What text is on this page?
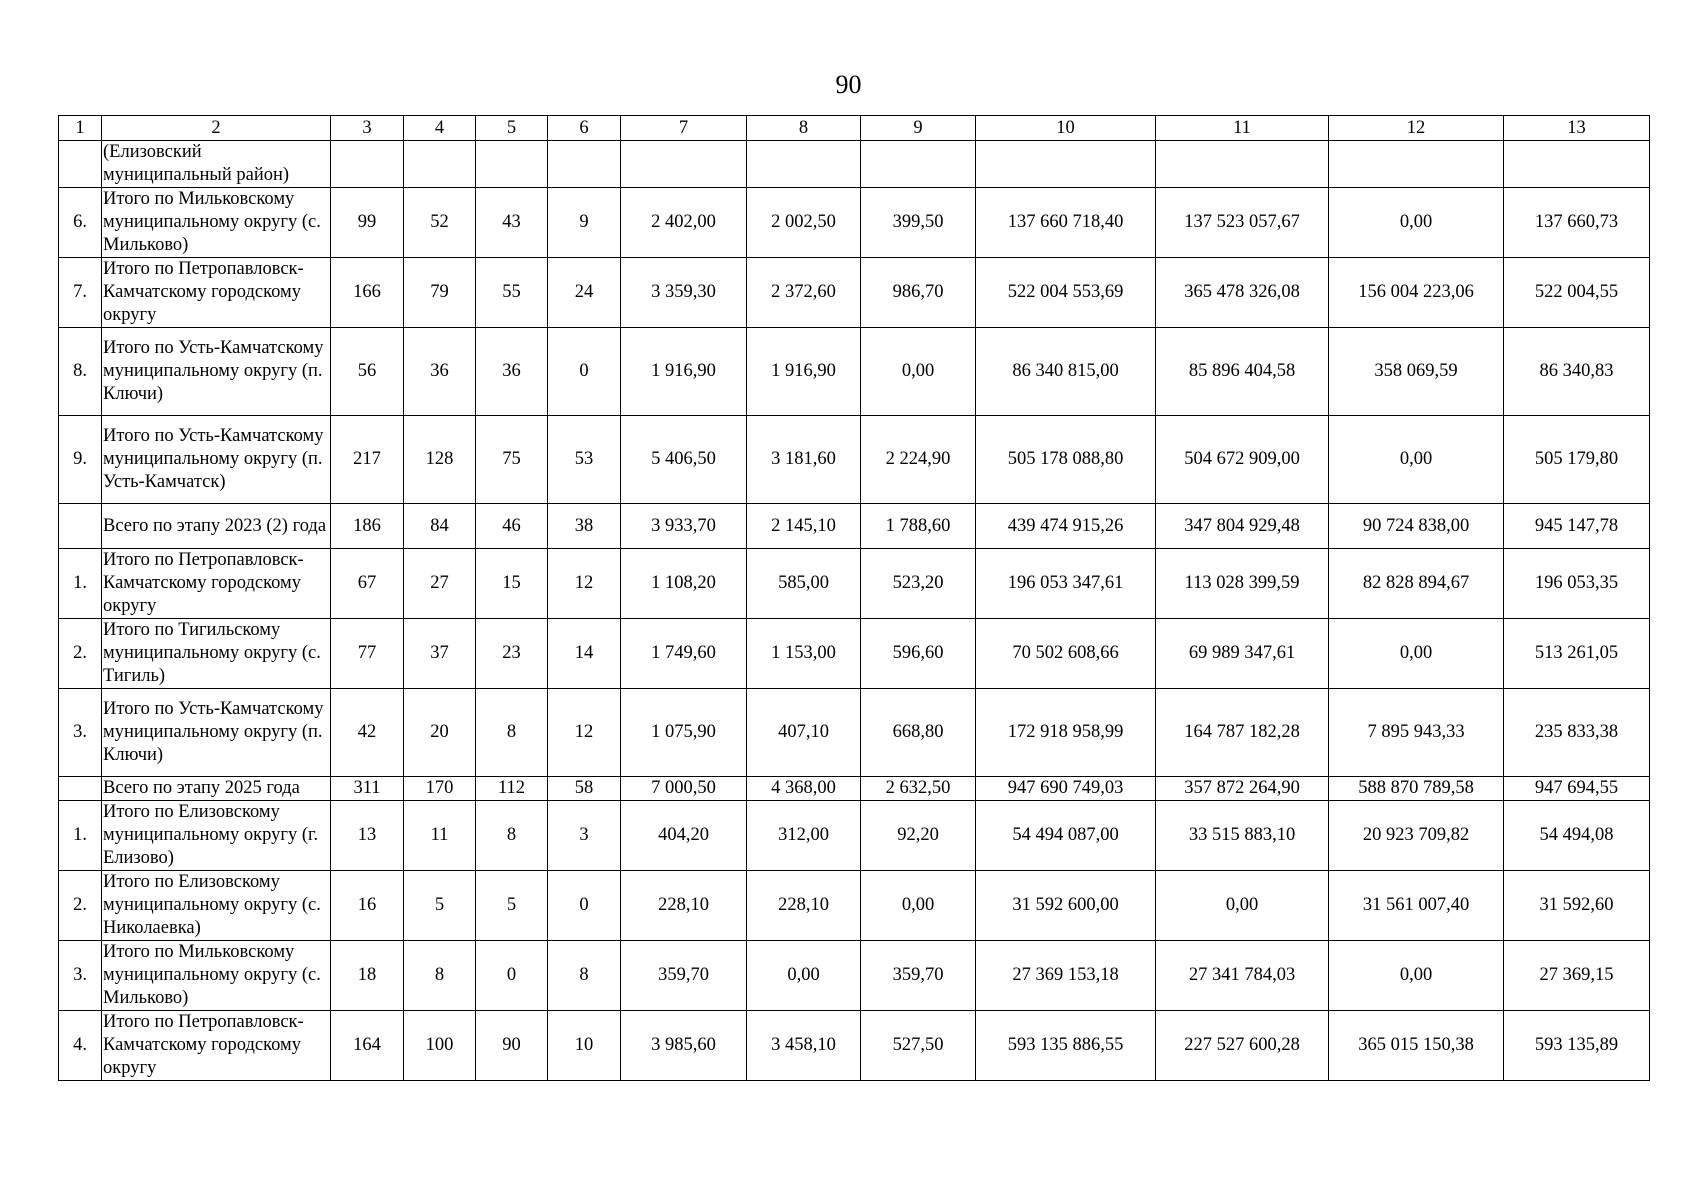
90
1	2	3	4	5	6	7	8	9	10	11	12	13
	(Елизовский муниципальный район)											
6.	Итого по Мильковскому муниципальному округу (с. Мильково)	99	52	43	9	2 402,00	2 002,50	399,50	137 660 718,40	137 523 057,67	0,00	137 660,73
7.	Итого по Петропавловск-Камчатскому городскому округу	166	79	55	24	3 359,30	2 372,60	986,70	522 004 553,69	365 478 326,08	156 004 223,06	522 004,55
8.	Итого по Усть-Камчатскому муниципальному округу (п. Ключи)	56	36	36	0	1 916,90	1 916,90	0,00	86 340 815,00	85 896 404,58	358 069,59	86 340,83
9.	Итого по Усть-Камчатскому муниципальному округу (п. Усть-Камчатск)	217	128	75	53	5 406,50	3 181,60	2 224,90	505 178 088,80	504 672 909,00	0,00	505 179,80
	Всего по этапу 2023 (2) года	186	84	46	38	3 933,70	2 145,10	1 788,60	439 474 915,26	347 804 929,48	90 724 838,00	945 147,78
1.	Итого по Петропавловск-Камчатскому городскому округу	67	27	15	12	1 108,20	585,00	523,20	196 053 347,61	113 028 399,59	82 828 894,67	196 053,35
2.	Итого по Тигильскому муниципальному округу (с. Тигиль)	77	37	23	14	1 749,60	1 153,00	596,60	70 502 608,66	69 989 347,61	0,00	513 261,05
3.	Итого по Усть-Камчатскому муниципальному округу (п. Ключи)	42	20	8	12	1 075,90	407,10	668,80	172 918 958,99	164 787 182,28	7 895 943,33	235 833,38
	Всего по этапу 2025 года	311	170	112	58	7 000,50	4 368,00	2 632,50	947 690 749,03	357 872 264,90	588 870 789,58	947 694,55
1.	Итого по Елизовскому муниципальному округу (г. Елизово)	13	11	8	3	404,20	312,00	92,20	54 494 087,00	33 515 883,10	20 923 709,82	54 494,08
2.	Итого по Елизовскому муниципальному округу (с. Николаевка)	16	5	5	0	228,10	228,10	0,00	31 592 600,00	0,00	31 561 007,40	31 592,60
3.	Итого по Мильковскому муниципальному округу (с. Мильково)	18	8	0	8	359,70	0,00	359,70	27 369 153,18	27 341 784,03	0,00	27 369,15
4.	Итого по Петропавловск-Камчатскому городскому округу	164	100	90	10	3 985,60	3 458,10	527,50	593 135 886,55	227 527 600,28	365 015 150,38	593 135,89
